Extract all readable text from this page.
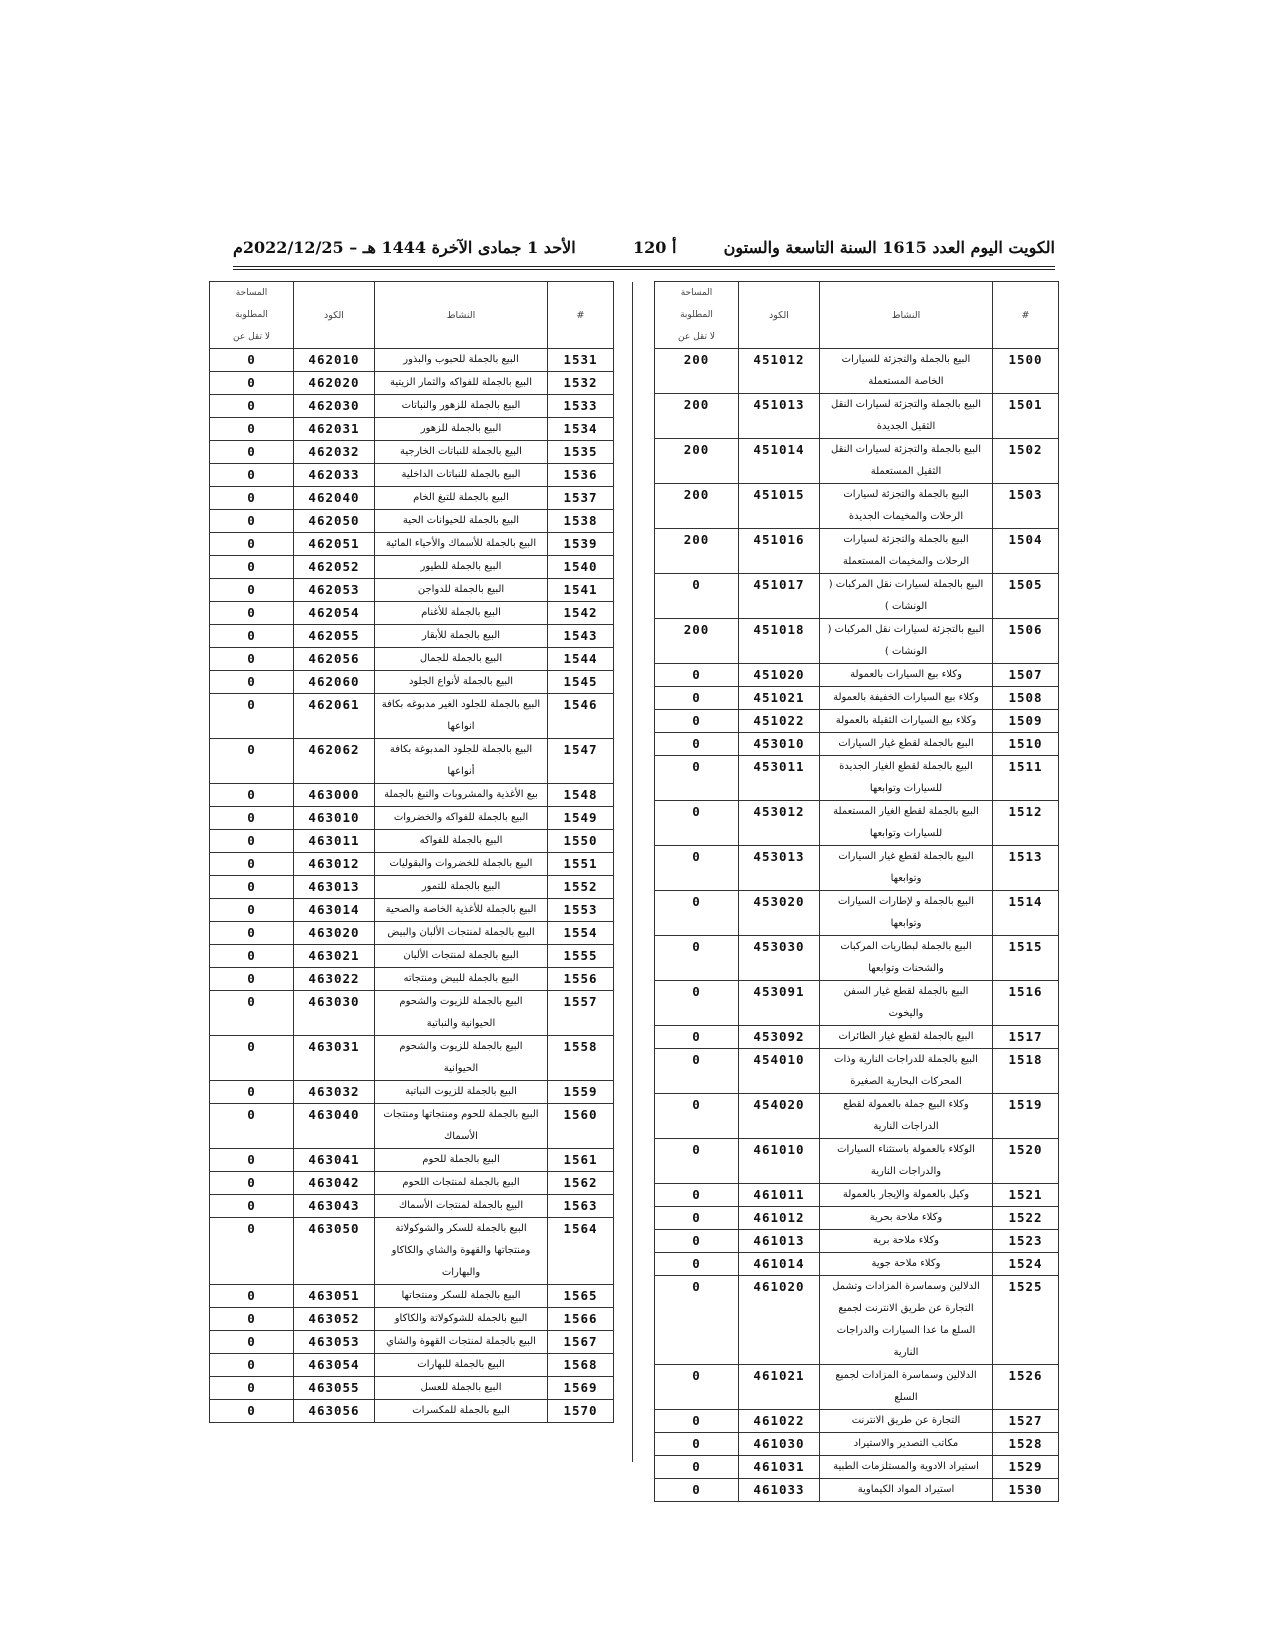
الكويت اليوم العدد 1615 السنة التاسعة والستون
أ 120
الأحد 1 جمادى الآخرة 1444 هـ – 2022/12/25م
#	النشاط	الكود	المساحة
المطلوبة
لا تقل عن

1500	البيع بالجملة والتجزئة للسيارات الخاصة المستعملة	451012	200
1501	البيع بالجملة والتجزئة لسيارات النقل الثقيل الجديدة	451013	200
1502	البيع بالجملة والتجزئة لسيارات النقل الثقيل المستعملة	451014	200
1503	البيع بالجملة والتجزئة لسيارات الرحلات والمخيمات الجديدة	451015	200
1504	البيع بالجملة والتجزئة لسيارات الرحلات والمخيمات المستعملة	451016	200
1505	البيع بالجملة لسيارات نقل المركبات ( الونشات )	451017	0
1506	البيع بالتجزئة لسيارات نقل المركبات ( الونشات )	451018	200
1507	وكلاء بيع السيارات بالعمولة	451020	0
1508	وكلاء بيع السيارات الخفيفة بالعمولة	451021	0
1509	وكلاء بيع السيارات الثقيلة بالعمولة	451022	0
1510	البيع بالجملة لقطع غيار السيارات	453010	0
1511	البيع بالجملة لقطع الغيار الجديدة للسيارات وتوابعها	453011	0
1512	البيع بالجملة لقطع الغيار المستعملة للسيارات وتوابعها	453012	0
1513	البيع بالجملة لقطع غيار السيارات وتوابعها	453013	0
1514	البيع بالجملة و لإطارات السيارات وتوابعها	453020	0
1515	البيع بالجملة لبطاريات المركبات والشحنات وتوابعها	453030	0
1516	البيع بالجملة لقطع غيار السفن واليخوت	453091	0
1517	البيع بالجملة لقطع غيار الطائرات	453092	0
1518	البيع بالجملة للدراجات النارية وذات المحركات البحارية الصغيرة	454010	0
1519	وكلاء البيع جملة بالعمولة لقطع الدراجات النارية	454020	0
1520	الوكلاء بالعمولة باستثناء السيارات والدراجات النارية	461010	0
1521	وكيل بالعمولة والإيجار بالعمولة	461011	0
1522	وكلاء ملاحة بحرية	461012	0
1523	وكلاء ملاحة برية	461013	0
1524	وكلاء ملاحة جوية	461014	0
1525	الدلالين وسماسرة المزادات وتشمل التجارة عن طريق الانترنت لجميع السلع ما عدا السيارات والدراجات النارية	461020	0
1526	الدلالين وسماسرة المزادات لجميع السلع	461021	0
1527	التجارة عن طريق الانترنت	461022	0
1528	مكاتب التصدير والاستيراد	461030	0
1529	استيراد الادوية والمستلزمات الطبية	461031	0
1530	استيراد المواد الكيماوية	461033	0
#	النشاط	الكود	المساحة
المطلوبة
لا تقل عن

1531	البيع بالجملة للحبوب والبذور	462010	0
1532	البيع بالجملة للفواكه والثمار الزيتية	462020	0
1533	البيع بالجملة للزهور والنباتات	462030	0
1534	البيع بالجملة للزهور	462031	0
1535	البيع بالجملة للنباتات الخارجية	462032	0
1536	البيع بالجملة للنباتات الداخلية	462033	0
1537	البيع بالجملة للتبغ الخام	462040	0
1538	البيع بالجملة للحيوانات الحية	462050	0
1539	البيع بالجملة للأسماك والأحياء المائية	462051	0
1540	البيع بالجملة للطيور	462052	0
1541	البيع بالجملة للدواجن	462053	0
1542	البيع بالجملة للأغنام	462054	0
1543	البيع بالجملة للأبقار	462055	0
1544	البيع بالجملة للجمال	462056	0
1545	البيع بالجملة لأنواع الجلود	462060	0
1546	البيع بالجملة للجلود الغير مدبوغه بكافة انواعها	462061	0
1547	البيع بالجملة للجلود المدبوغة بكافة أنواعها	462062	0
1548	بيع الأغذية والمشروبات والتبغ بالجملة	463000	0
1549	البيع بالجملة للفواكه والخضروات	463010	0
1550	البيع بالجملة للفواكه	463011	0
1551	البيع بالجملة للخضروات والبقوليات	463012	0
1552	البيع بالجملة للتمور	463013	0
1553	البيع بالجملة للأغذية الخاصة والصحية	463014	0
1554	البيع بالجملة لمنتجات الألبان والبيض	463020	0
1555	البيع بالجملة لمنتجات الألبان	463021	0
1556	البيع بالجملة للبيض ومنتجاته	463022	0
1557	البيع بالجملة للزيوت والشحوم الحيوانية والنباتية	463030	0
1558	البيع بالجملة للزيوت والشحوم الحيوانية	463031	0
1559	البيع بالجملة للزيوت النباتية	463032	0
1560	البيع بالجملة للحوم ومنتجاتها ومنتجات الأسماك	463040	0
1561	البيع بالجملة للحوم	463041	0
1562	البيع بالجملة لمنتجات اللحوم	463042	0
1563	البيع بالجملة لمنتجات الأسماك	463043	0
1564	البيع بالجملة للسكر والشوكولاتة ومنتجاتها والقهوة والشاي والكاكاو والبهارات	463050	0
1565	البيع بالجملة للسكر ومنتجاتها	463051	0
1566	البيع بالجملة للشوكولاتة والكاكاو	463052	0
1567	البيع بالجملة لمنتجات القهوة والشاي	463053	0
1568	البيع بالجملة للبهارات	463054	0
1569	البيع بالجملة للعسل	463055	0
1570	البيع بالجملة للمكسرات	463056	0
